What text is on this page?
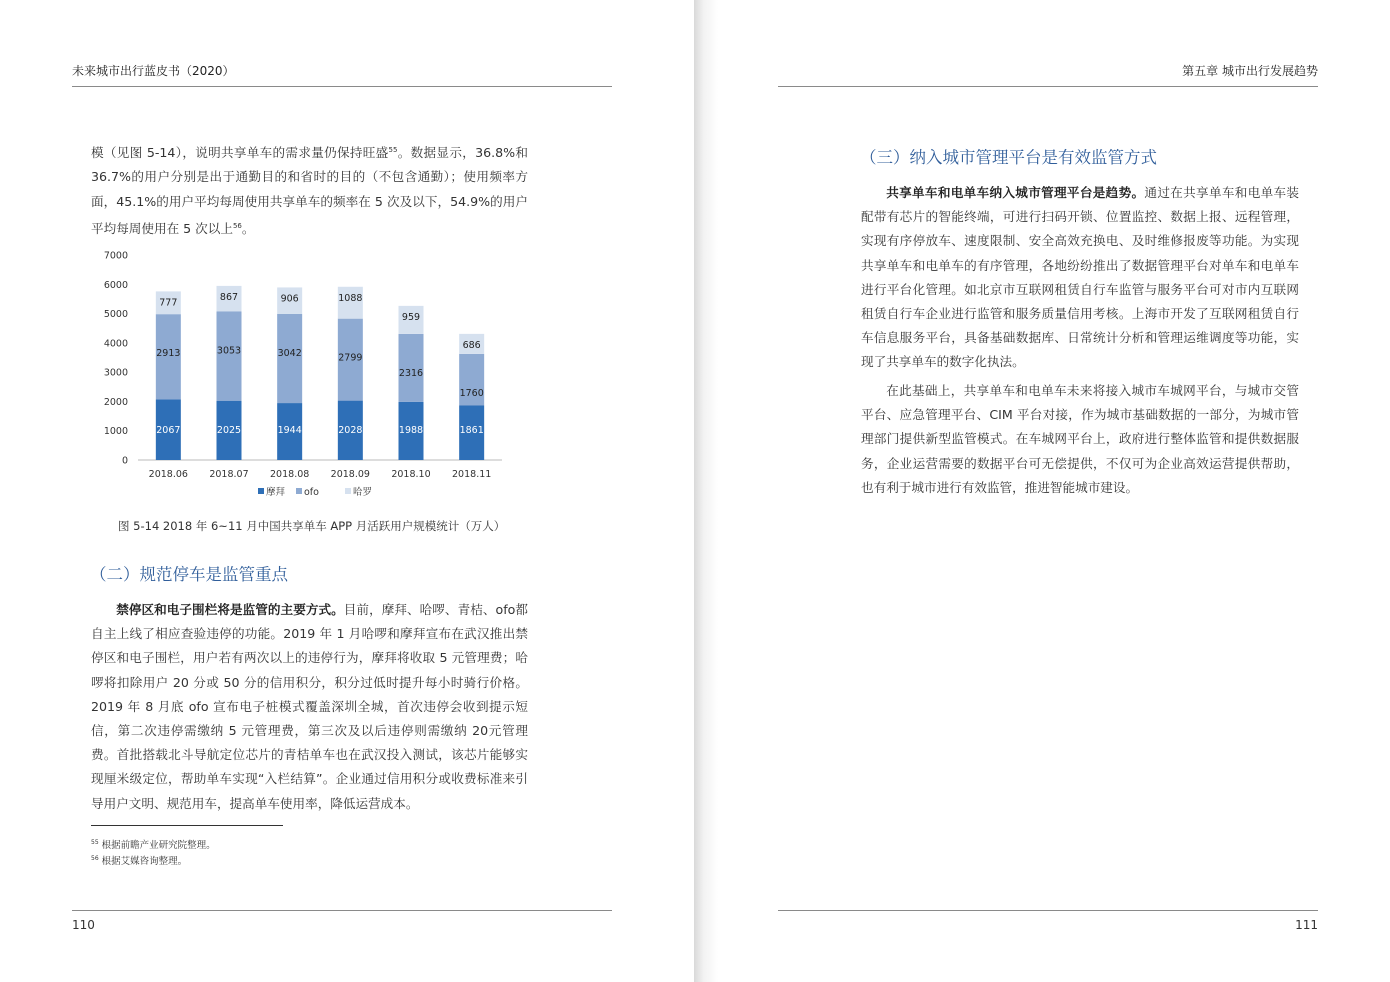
未来城市出行蓝皮书（2020）

模（见图 5-14），说明共享单车的需求量仍保持旺盛$^{55}$。数据显示，36.8%和36.7%的用户分别是出于通勤目的和省时的目的（不包含通勤）；使用频率方面，45.1%的用户平均每周使用共享单车的频率在 5 次及以下，54.9%的用户平均每周使用在 5 次以上$^{56}$。

0
1000
2000
3000
4000
5000
6000
7000
2067
2913
777
2018.06
2025
3053
867
2018.07
1944
3042
906
2018.08
2028
2799
1088
2018.09
1988
2316
959
2018.10
1861
1760
686
2018.11
摩拜 ofo	哈罗
图 5-14 2018 年 6~11 月中国共享单车 APP 月活跃用户规模统计（万人）
（二）规范停车是监管重点

禁停区和电子围栏将是监管的主要方式。目前，摩拜、哈啰、青桔、ofo都自主上线了相应查验违停的功能。2019 年 1 月哈啰和摩拜宣布在武汉推出禁停区和电子围栏，用户若有两次以上的违停行为，摩拜将收取 5 元管理费；哈啰将扣除用户 20 分或 50 分的信用积分，积分过低时提升每小时骑行价格。2019 年 8 月底 ofo 宣布电子桩模式覆盖深圳全城，首次违停会收到提示短信，第二次违停需缴纳 5 元管理费，第三次及以后违停则需缴纳 20元管理费。首批搭载北斗导航定位芯片的青桔单车也在武汉投入测试，该芯片能够实现厘米级定位，帮助单车实现“入栏结算”。企业通过信用积分或收费标准来引导用户文明、规范用车，提高单车使用率，降低运营成本。

$^{55}$ 根据前瞻产业研究院整理。
$^{56}$ 根据艾媒咨询整理。
110
第五章 城市出行发展趋势
（三）纳入城市管理平台是有效监管方式

共享单车和电单车纳入城市管理平台是趋势。通过在共享单车和电单车装配带有芯片的智能终端，可进行扫码开锁、位置监控、数据上报、远程管理，实现有序停放车、速度限制、安全高效充换电、及时维修报废等功能。为实现共享单车和电单车的有序管理，各地纷纷推出了数据管理平台对单车和电单车进行平台化管理。如北京市互联网租赁自行车监管与服务平台可对市内互联网租赁自行车企业进行监管和服务质量信用考核。上海市开发了互联网租赁自行车信息服务平台，具备基础数据库、日常统计分析和管理运维调度等功能，实现了共享单车的数字化执法。

在此基础上，共享单车和电单车未来将接入城市车城网平台，与城市交管平台、应急管理平台、CIM 平台对接，作为城市基础数据的一部分，为城市管理部门提供新型监管模式。在车城网平台上，政府进行整体监管和提供数据服务，企业运营需要的数据平台可无偿提供，不仅可为企业高效运营提供帮助，也有利于城市进行有效监管，推进智能城市建设。

111
